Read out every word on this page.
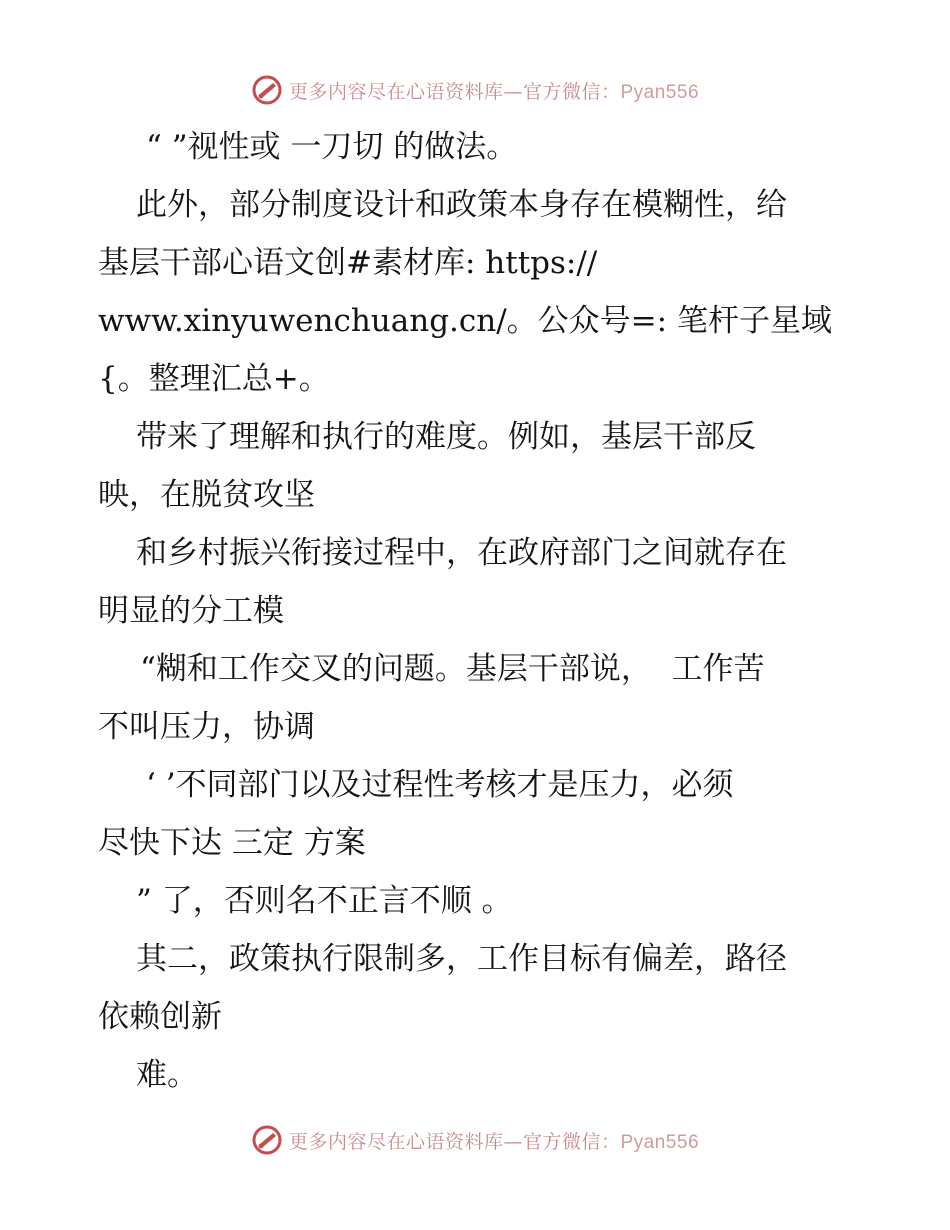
更多内容尽在心语资料库—官方微信：Pyan556
“ ”视性或 一刀切 的做法。
此外，部分制度设计和政策本身存在模糊性，给
基层干部心语文创#素材库: https://
www.xinyuwenchuang.cn/。公众号=: 笔杆子星域
{。整理汇总+。
带来了理解和执行的难度。例如，基层干部反
映，在脱贫攻坚
和乡村振兴衔接过程中，在政府部门之间就存在
明显的分工模
“糊和工作交叉的问题。基层干部说，  工作苦
不叫压力，协调
‘ ’不同部门以及过程性考核才是压力，必须
尽快下达 三定 方案
” 了，否则名不正言不顺 。
其二，政策执行限制多，工作目标有偏差，路径
依赖创新
难。
更多内容尽在心语资料库—官方微信：Pyan556
